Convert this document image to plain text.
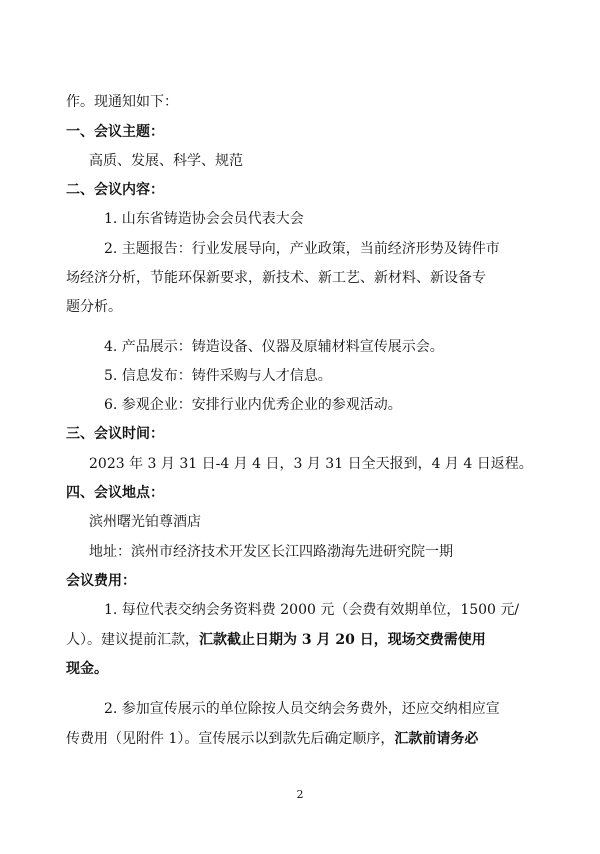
作。现通知如下：
一、会议主题：
高质、发展、科学、规范
二、会议内容：
1. 山东省铸造协会会员代表大会
2. 主题报告：行业发展导向，产业政策，当前经济形势及铸件市
场经济分析，节能环保新要求，新技术、新工艺、新材料、新设备专
题分析。
4. 产品展示：铸造设备、仪器及原辅材料宣传展示会。
5. 信息发布：铸件采购与人才信息。
6. 参观企业：安排行业内优秀企业的参观活动。
三、会议时间：
2023 年 3 月 31 日-4 月 4 日，3 月 31 日全天报到，4 月 4 日返程。
四、会议地点：
滨州曙光铂尊酒店
地址：滨州市经济技术开发区长江四路渤海先进研究院一期
会议费用：
1. 每位代表交纳会务资料费 2000 元（会费有效期单位，1500 元/
人）。建议提前汇款，汇款截止日期为 3 月 20 日，现场交费需使用
现金。
2. 参加宣传展示的单位除按人员交纳会务费外，还应交纳相应宣
传费用（见附件 1）。宣传展示以到款先后确定顺序，汇款前请务必
2
